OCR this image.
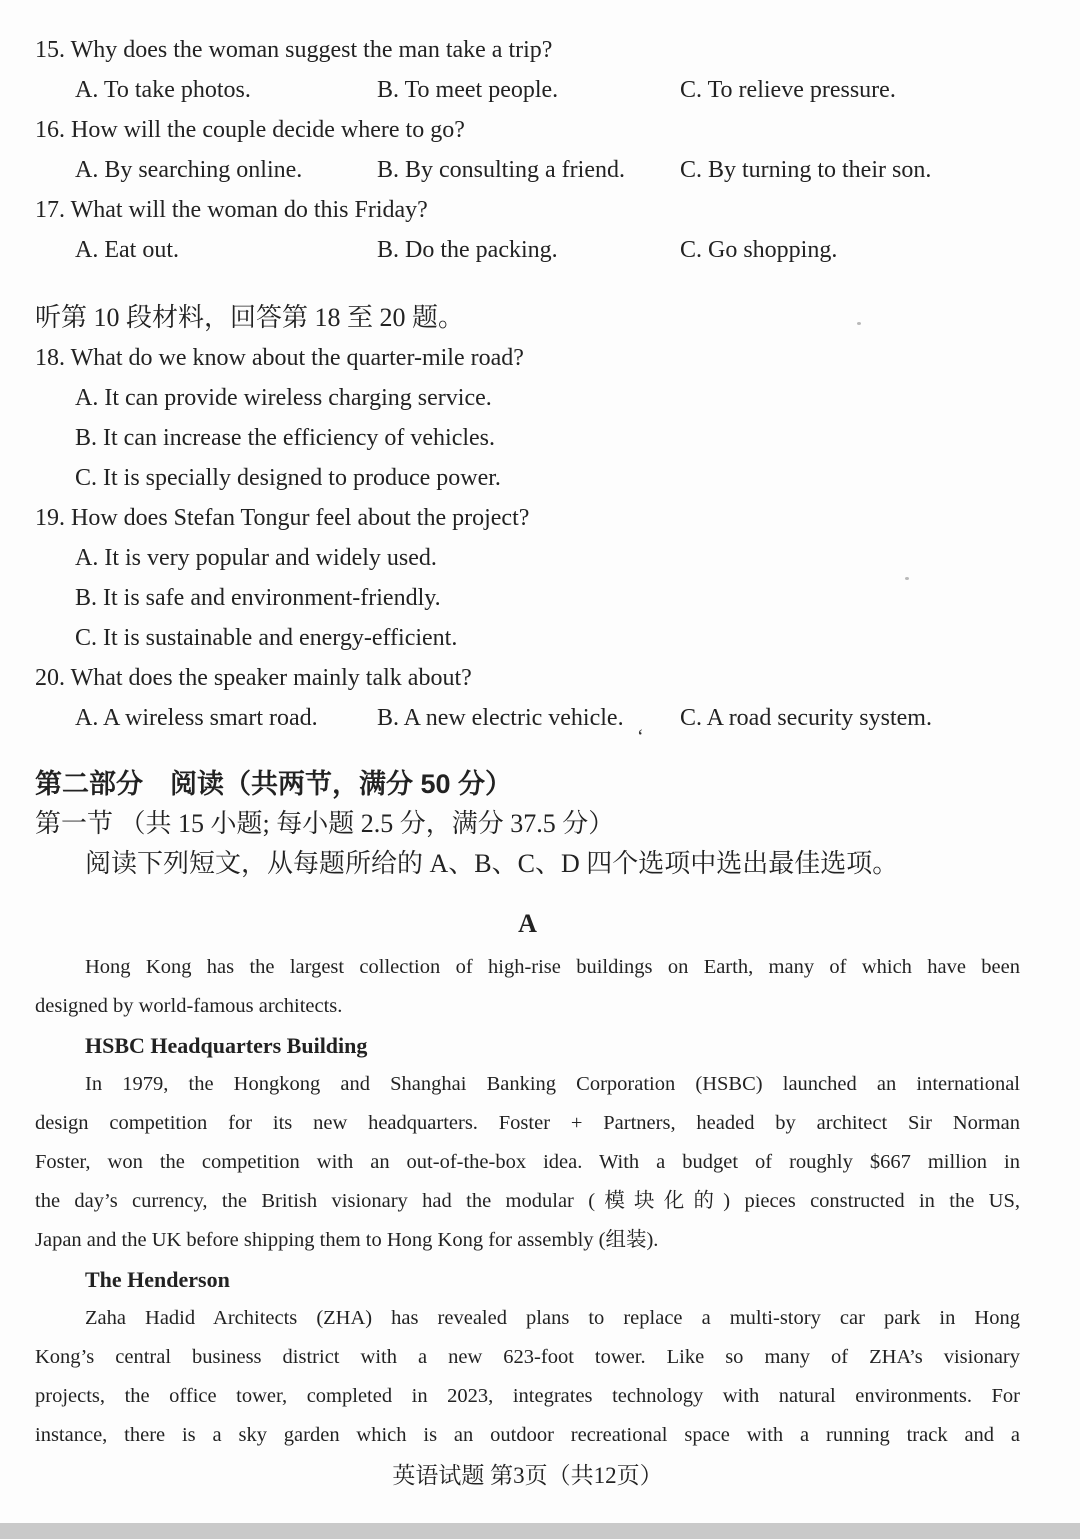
15. Why does the woman suggest the man take a trip?
A. To take photos.	B. To meet people.	C. To relieve pressure.
16. How will the couple decide where to go?
A. By searching online.	B. By consulting a friend.	C. By turning to their son.
17. What will the woman do this Friday?
A. Eat out.	B. Do the packing.	C. Go shopping.
听第 10 段材料，回答第 18 至 20 题。
18. What do we know about the quarter-mile road?
A. It can provide wireless charging service.
B. It can increase the efficiency of vehicles.
C. It is specially designed to produce power.
19. How does Stefan Tongur feel about the project?
A. It is very popular and widely used.
B. It is safe and environment-friendly.
C. It is sustainable and energy-efficient.
20. What does the speaker mainly talk about?
A. A wireless smart road.	B. A new electric vehicle.	C. A road security system.
第二部分　阅读（共两节，满分 50 分）
第一节 （共 15 小题; 每小题 2.5 分，满分 37.5 分）
阅读下列短文，从每题所给的 A、B、C、D 四个选项中选出最佳选项。
A
Hong Kong has the largest collection of high-rise buildings on Earth, many of which have been
designed by world-famous architects.
HSBC Headquarters Building
In 1979, the Hongkong and Shanghai Banking Corporation (HSBC) launched an international
design competition for its new headquarters. Foster + Partners, headed by architect Sir Norman
Foster, won the competition with an out-of-the-box idea. With a budget of roughly $667 million in
the day’s currency, the British visionary had the modular (模块化的) pieces constructed in the US,
Japan and the UK before shipping them to Hong Kong for assembly (组装).
The Henderson
Zaha Hadid Architects (ZHA) has revealed plans to replace a multi-story car park in Hong
Kong’s central business district with a new 623-foot tower. Like so many of ZHA’s visionary
projects, the office tower, completed in 2023, integrates technology with natural environments. For
instance, there is a sky garden which is an outdoor recreational space with a running track and a
英语试题 第3页（共12页）
‘
